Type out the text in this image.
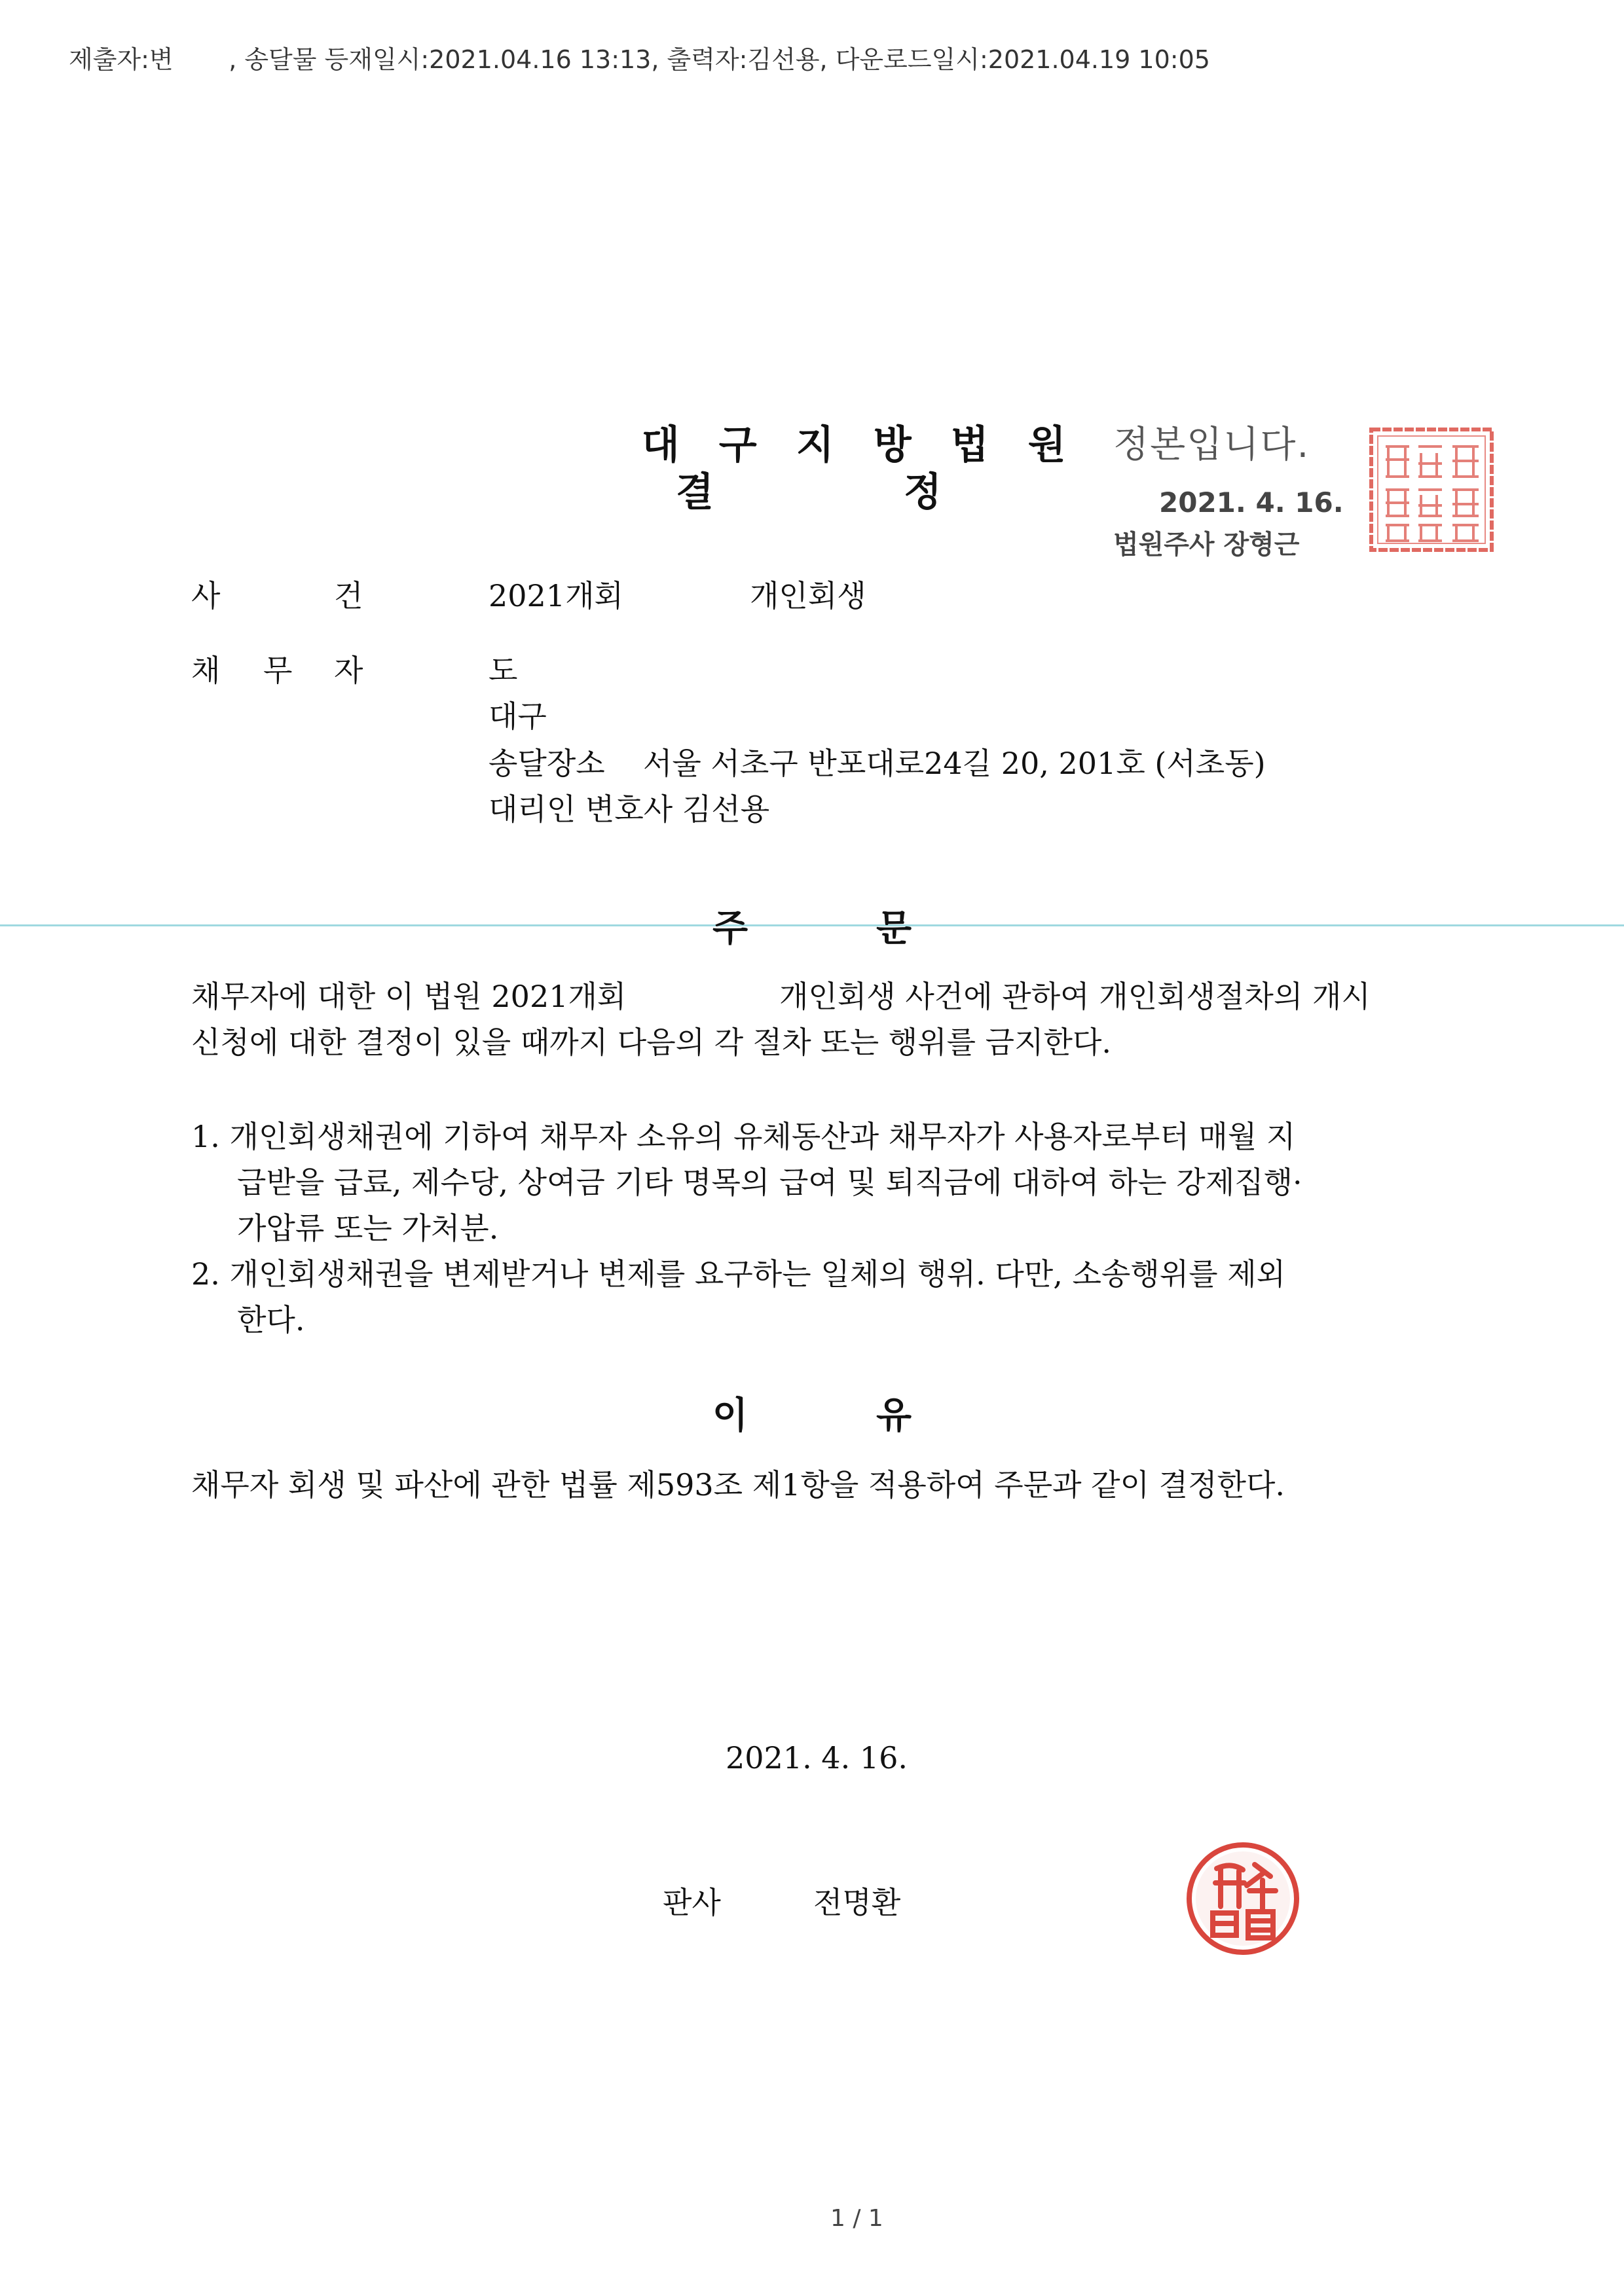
제출자:변       , 송달물 등재일시:2021.04.16 13:13, 출력자:김선용, 다운로드일시:2021.04.19 10:05

대 구 지 방 법 원

결	정
정본입니다.
2021. 4. 16.
법원주사 장형근
사	건	2021개회	개인회생
채 무 자	도
대구
송달장소 서울 서초구 반포대로24길 20, 201호 (서초동)
대리인 변호사 김선용
주	문
채무자에 대한 이 법원 2021개회	개인회생 사건에 관하여 개인회생절차의 개시
신청에 대한 결정이 있을 때까지 다음의 각 절차 또는 행위를 금지한다.
1. 개인회생채권에 기하여 채무자 소유의 유체동산과 채무자가 사용자로부터 매월 지
급받을 급료, 제수당, 상여금 기타 명목의 급여 및 퇴직금에 대하여 하는 강제집행·
가압류 또는 가처분.
2. 개인회생채권을 변제받거나 변제를 요구하는 일체의 행위. 다만, 소송행위를 제외
한다.
이	유
채무자 회생 및 파산에 관한 법률 제593조 제1항을 적용하여 주문과 같이 결정한다.
2021. 4. 16.
판사	전명환
1 / 1
